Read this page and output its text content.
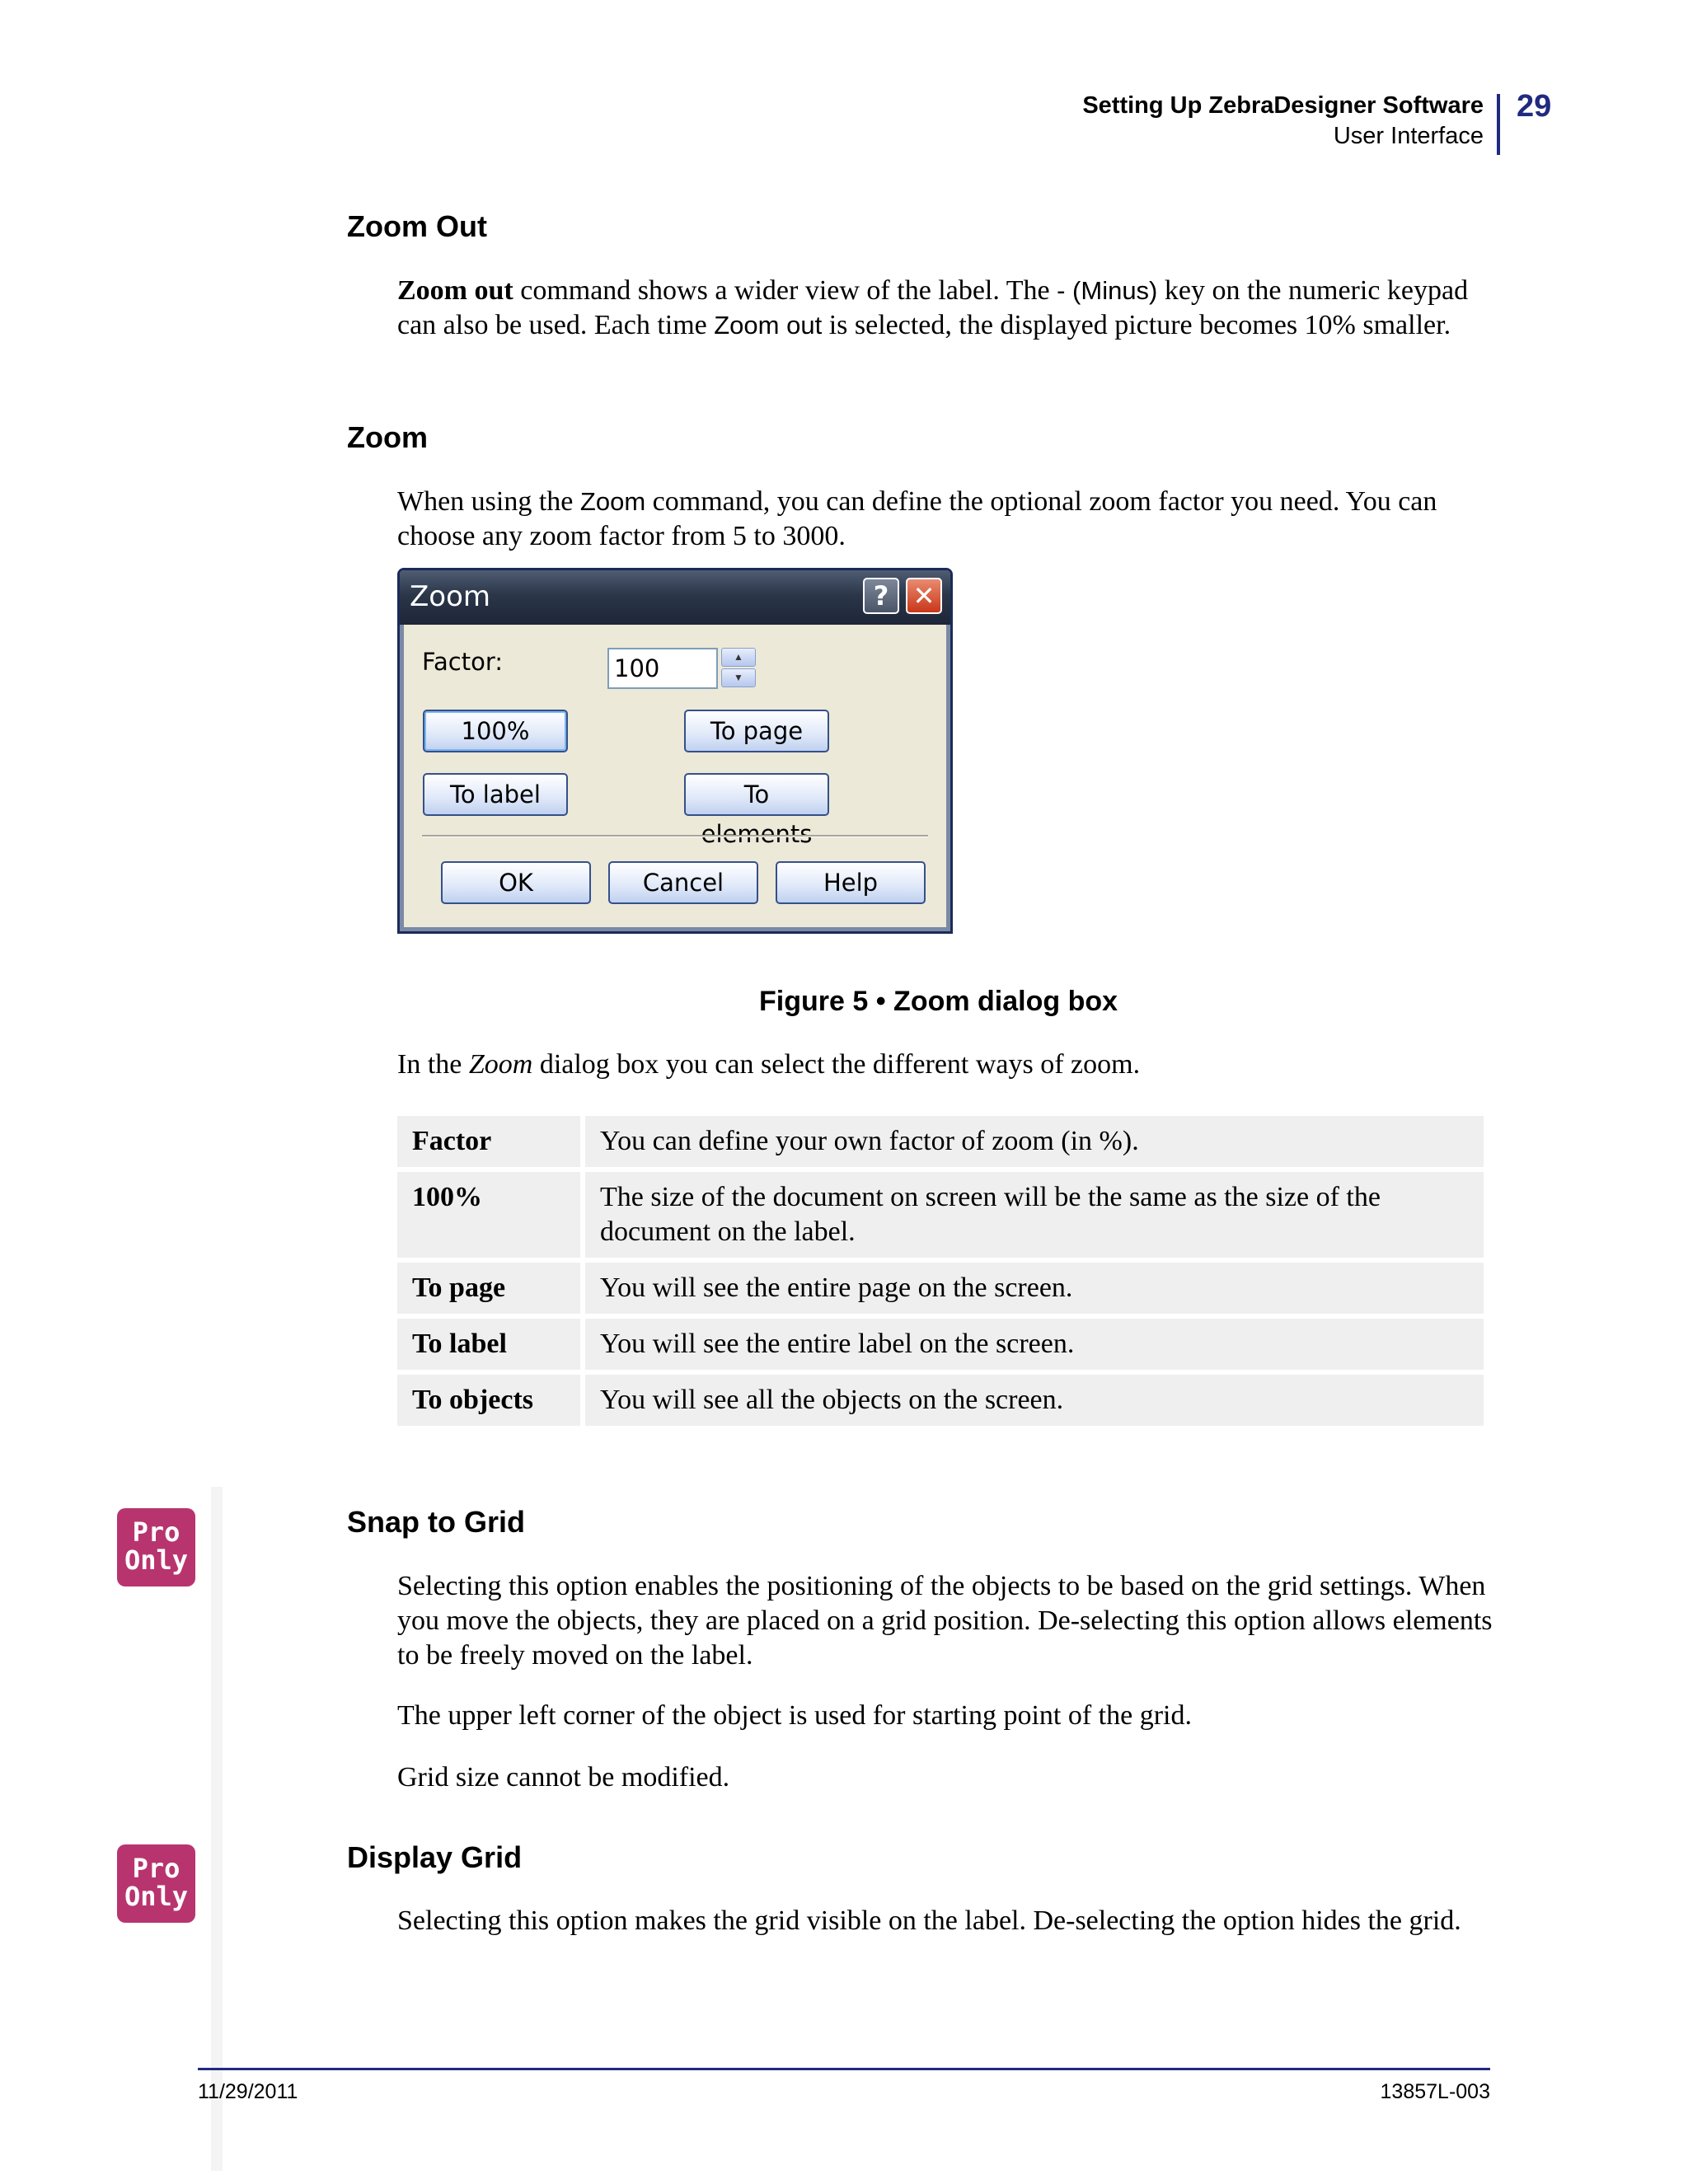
Setting Up ZebraDesigner Software
User Interface
29
Zoom Out

Zoom out command shows a wider view of the label. The - (Minus) key on the numeric keypad can also be used. Each time Zoom out is selected, the displayed picture becomes 10% smaller.

Zoom

When using the Zoom command, you can define the optional zoom factor you need. You can choose any zoom factor from 5 to 3000.

Zoom	? ✕
Factor:	100	▲
▼
100%	To page
To label	To elements
OK	Cancel	Help
Figure 5 • Zoom dialog box

In the Zoom dialog box you can select the different ways of zoom.

Factor	You can define your own factor of zoom (in %).
100%	The size of the document on screen will be the same as the size of the document on the label.
To page	You will see the entire page on the screen.
To label	You will see the entire label on the screen.
To objects	You will see all the objects on the screen.
Pro
Only
Pro
Only
Snap to Grid

Selecting this option enables the positioning of the objects to be based on the grid settings. When you move the objects, they are placed on a grid position. De-selecting this option allows elements to be freely moved on the label.

The upper left corner of the object is used for starting point of the grid.

Grid size cannot be modified.

Display Grid

Selecting this option makes the grid visible on the label. De-selecting the option hides the grid.

11/29/2011	13857L-003
